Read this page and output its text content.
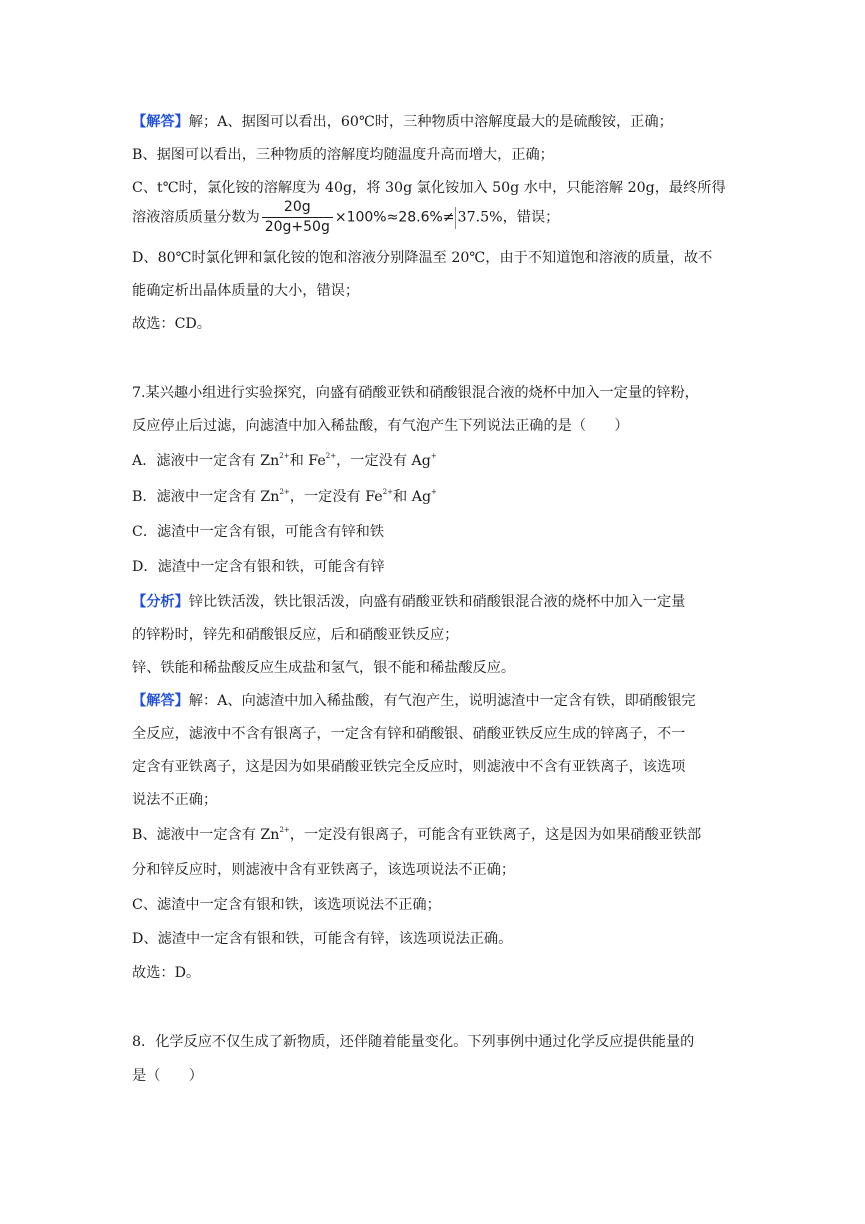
【解答】解；A、据图可以看出，60℃时，三种物质中溶解度最大的是硫酸铵，正确；
B、据图可以看出，三种物质的溶解度均随温度升高而增大，正确；
C、t℃时，氯化铵的溶解度为 40g，将 30g 氯化铵加入 50g 水中，只能溶解 20g，最终所得
溶液溶质质量分数为 $\frac{20g}{20g+50g} \times 100\%\approx 28.6\%\ne 37.5\%$，错误；
D、80℃时氯化钾和氯化铵的饱和溶液分别降温至 20℃，由于不知道饱和溶液的质量，故不
能确定析出晶体质量的大小，错误；
故选：CD。
7.某兴趣小组进行实验探究，向盛有硝酸亚铁和硝酸银混合液的烧杯中加入一定量的锌粉，
反应停止后过滤，向滤渣中加入稀盐酸，有气泡产生下列说法正确的是（　　）
A．滤液中一定含有 $Zn^{2+}$和 $Fe^{2+}$，一定没有 Ag+
B．滤液中一定含有 $Zn^{2+}$，一定没有 $Fe^{2+}$和 Ag+
C．滤渣中一定含有银，可能含有锌和铁
D．滤渣中一定含有银和铁，可能含有锌
【分析】锌比铁活泼，铁比银活泼，向盛有硝酸亚铁和硝酸银混合液的烧杯中加入一定量
的锌粉时，锌先和硝酸银反应，后和硝酸亚铁反应；
锌、铁能和稀盐酸反应生成盐和氢气，银不能和稀盐酸反应。
【解答】解：A、向滤渣中加入稀盐酸，有气泡产生，说明滤渣中一定含有铁，即硝酸银完
全反应，滤液中不含有银离子，一定含有锌和硝酸银、硝酸亚铁反应生成的锌离子，不一
定含有亚铁离子，这是因为如果硝酸亚铁完全反应时，则滤液中不含有亚铁离子，该选项
说法不正确；
B、滤液中一定含有 $Zn^{2+}$，一定没有银离子，可能含有亚铁离子，这是因为如果硝酸亚铁部
分和锌反应时，则滤液中含有亚铁离子，该选项说法不正确；
C、滤渣中一定含有银和铁，该选项说法不正确；
D、滤渣中一定含有银和铁，可能含有锌，该选项说法正确。
故选：D。
8．化学反应不仅生成了新物质，还伴随着能量变化。下列事例中通过化学反应提供能量的
是（　　）
